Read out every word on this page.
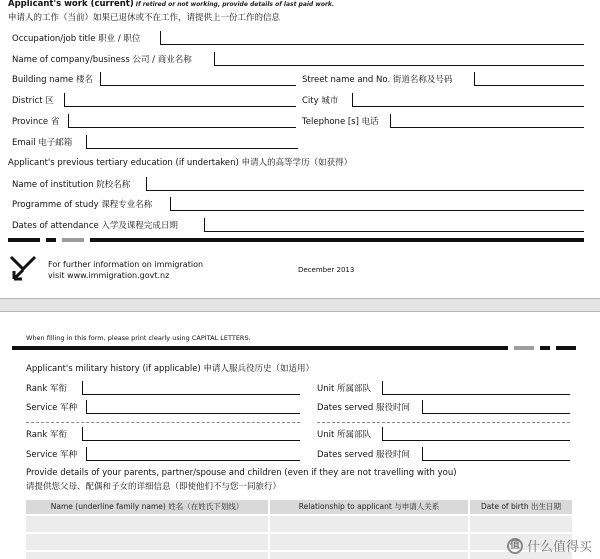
Applicant's work (current) If retired or not working, provide details of last paid work.
申请人的工作（当前）如果已退休或不在工作，请提供上一份工作的信息
Occupation/job title 职业 / 职位
Name of company/business 公司 / 商业名称
Building name 楼名	Street name and No. 街道名称及号码
District 区	City 城市
Province 省	Telephone [s] 电话
Email 电子邮箱
Applicant's previous tertiary education (if undertaken) 申请人的高等学历（如获得）
Name of institution 院校名称
Programme of study 课程专业名称
Dates of attendance 入学及课程完成日期
For further information on immigration
visit www.immigration.govt.nz
December 2013
When filling in this form, please print clearly using CAPITAL LETTERS.
Applicant's military history (if applicable) 申请人服兵役历史（如适用）
Rank 军衔	Unit 所属部队
Service 军种	Dates served 服役时间
Rank 军衔	Unit 所属部队
Service 军种	Dates served 服役时间
Provide details of your parents, partner/spouse and children (even if they are not travelling with you)
请提供您父母、配偶和子女的详细信息（即使他们不与您一同旅行）
Name (underline family name) 姓名（在姓氏下划线）	Relationship to applicant 与申请人关系	Date of birth 出生日期
值 什么值得买
